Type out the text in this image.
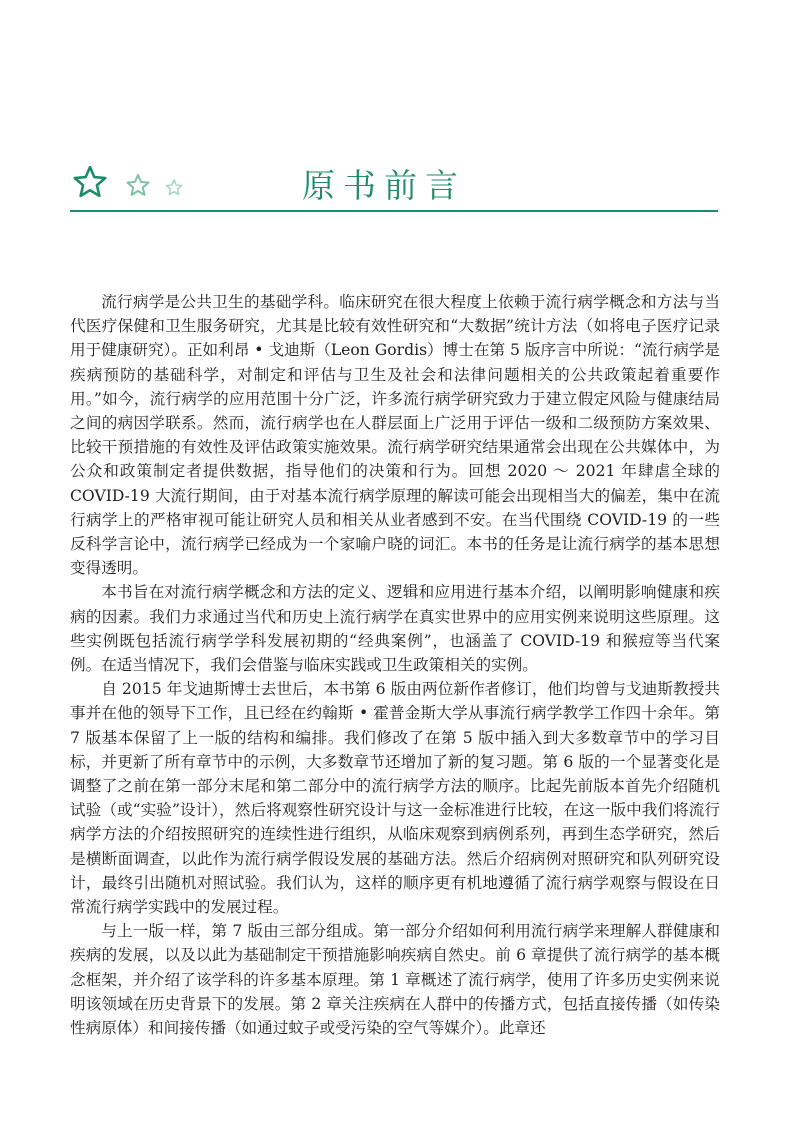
原书前言

流行病学是公共卫生的基础学科。临床研究在很大程度上依赖于流行病学概念和方法与当代医疗保健和卫生服务研究，尤其是比较有效性研究和“大数据”统计方法（如将电子医疗记录用于健康研究）。正如利昂 • 戈迪斯（Leon Gordis）博士在第 5 版序言中所说：“流行病学是疾病预防的基础科学，对制定和评估与卫生及社会和法律问题相关的公共政策起着重要作用。”如今，流行病学的应用范围十分广泛，许多流行病学研究致力于建立假定风险与健康结局之间的病因学联系。然而，流行病学也在人群层面上广泛用于评估一级和二级预防方案效果、比较干预措施的有效性及评估政策实施效果。流行病学研究结果通常会出现在公共媒体中，为公众和政策制定者提供数据，指导他们的决策和行为。回想 2020 ～ 2021 年肆虐全球的 COVID-19 大流行期间，由于对基本流行病学原理的解读可能会出现相当大的偏差，集中在流行病学上的严格审视可能让研究人员和相关从业者感到不安。在当代围绕 COVID-19 的一些反科学言论中，流行病学已经成为一个家喻户晓的词汇。本书的任务是让流行病学的基本思想变得透明。

本书旨在对流行病学概念和方法的定义、逻辑和应用进行基本介绍，以阐明影响健康和疾病的因素。我们力求通过当代和历史上流行病学在真实世界中的应用实例来说明这些原理。这些实例既包括流行病学学科发展初期的“经典案例”，也涵盖了 COVID-19 和猴痘等当代案例。在适当情况下，我们会借鉴与临床实践或卫生政策相关的实例。

自 2015 年戈迪斯博士去世后，本书第 6 版由两位新作者修订，他们均曾与戈迪斯教授共事并在他的领导下工作，且已经在约翰斯 • 霍普金斯大学从事流行病学教学工作四十余年。第 7 版基本保留了上一版的结构和编排。我们修改了在第 5 版中插入到大多数章节中的学习目标，并更新了所有章节中的示例，大多数章节还增加了新的复习题。第 6 版的一个显著变化是调整了之前在第一部分末尾和第二部分中的流行病学方法的顺序。比起先前版本首先介绍随机试验（或“实验”设计），然后将观察性研究设计与这一金标准进行比较，在这一版中我们将流行病学方法的介绍按照研究的连续性进行组织，从临床观察到病例系列，再到生态学研究，然后是横断面调查，以此作为流行病学假设发展的基础方法。然后介绍病例对照研究和队列研究设计，最终引出随机对照试验。我们认为，这样的顺序更有机地遵循了流行病学观察与假设在日常流行病学实践中的发展过程。

与上一版一样，第 7 版由三部分组成。第一部分介绍如何利用流行病学来理解人群健康和疾病的发展，以及以此为基础制定干预措施影响疾病自然史。前 6 章提供了流行病学的基本概念框架，并介绍了该学科的许多基本原理。第 1 章概述了流行病学，使用了许多历史实例来说明该领域在历史背景下的发展。第 2 章关注疾病在人群中的传播方式，包括直接传播（如传染性病原体）和间接传播（如通过蚊子或受污染的空气等媒介）。此章还
